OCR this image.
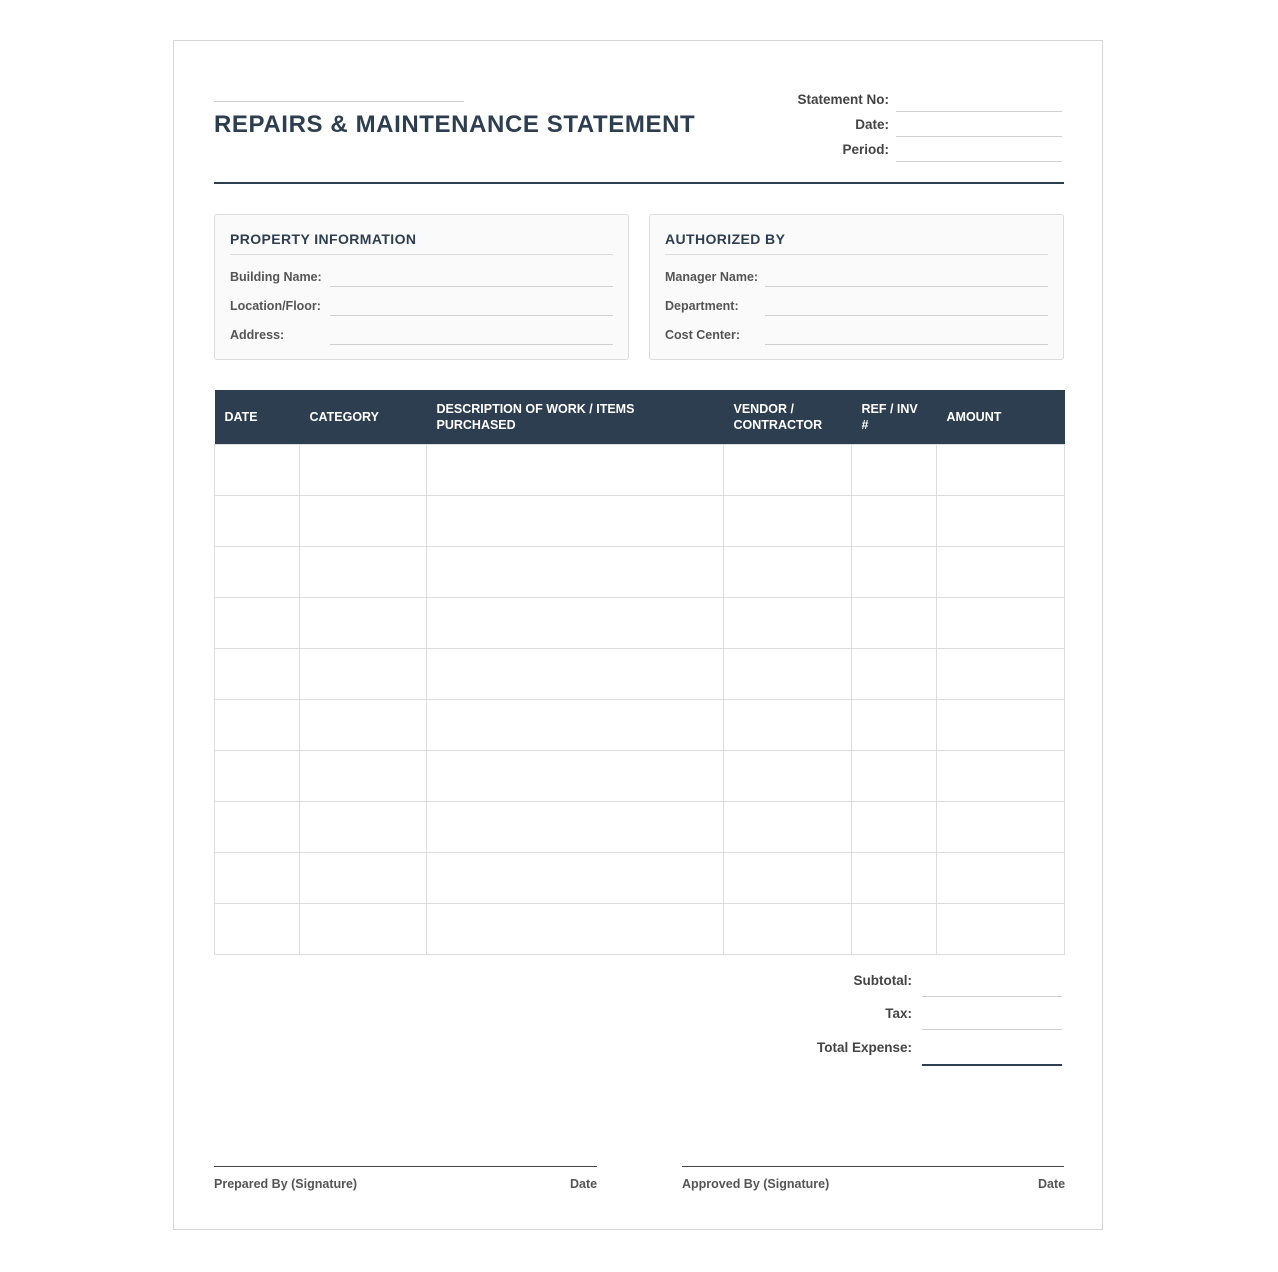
REPAIRS & MAINTENANCE STATEMENT
Statement No:
Date:
Period:
PROPERTY INFORMATION
Building Name:
Location/Floor:
Address:
AUTHORIZED BY
Manager Name:
Department:
Cost Center:
DATE	CATEGORY	DESCRIPTION OF WORK / ITEMS PURCHASED	VENDOR / CONTRACTOR	REF / INV #	AMOUNT

Subtotal:
Tax:
Total Expense:
Prepared By (Signature)	Date	Approved By (Signature)	Date
